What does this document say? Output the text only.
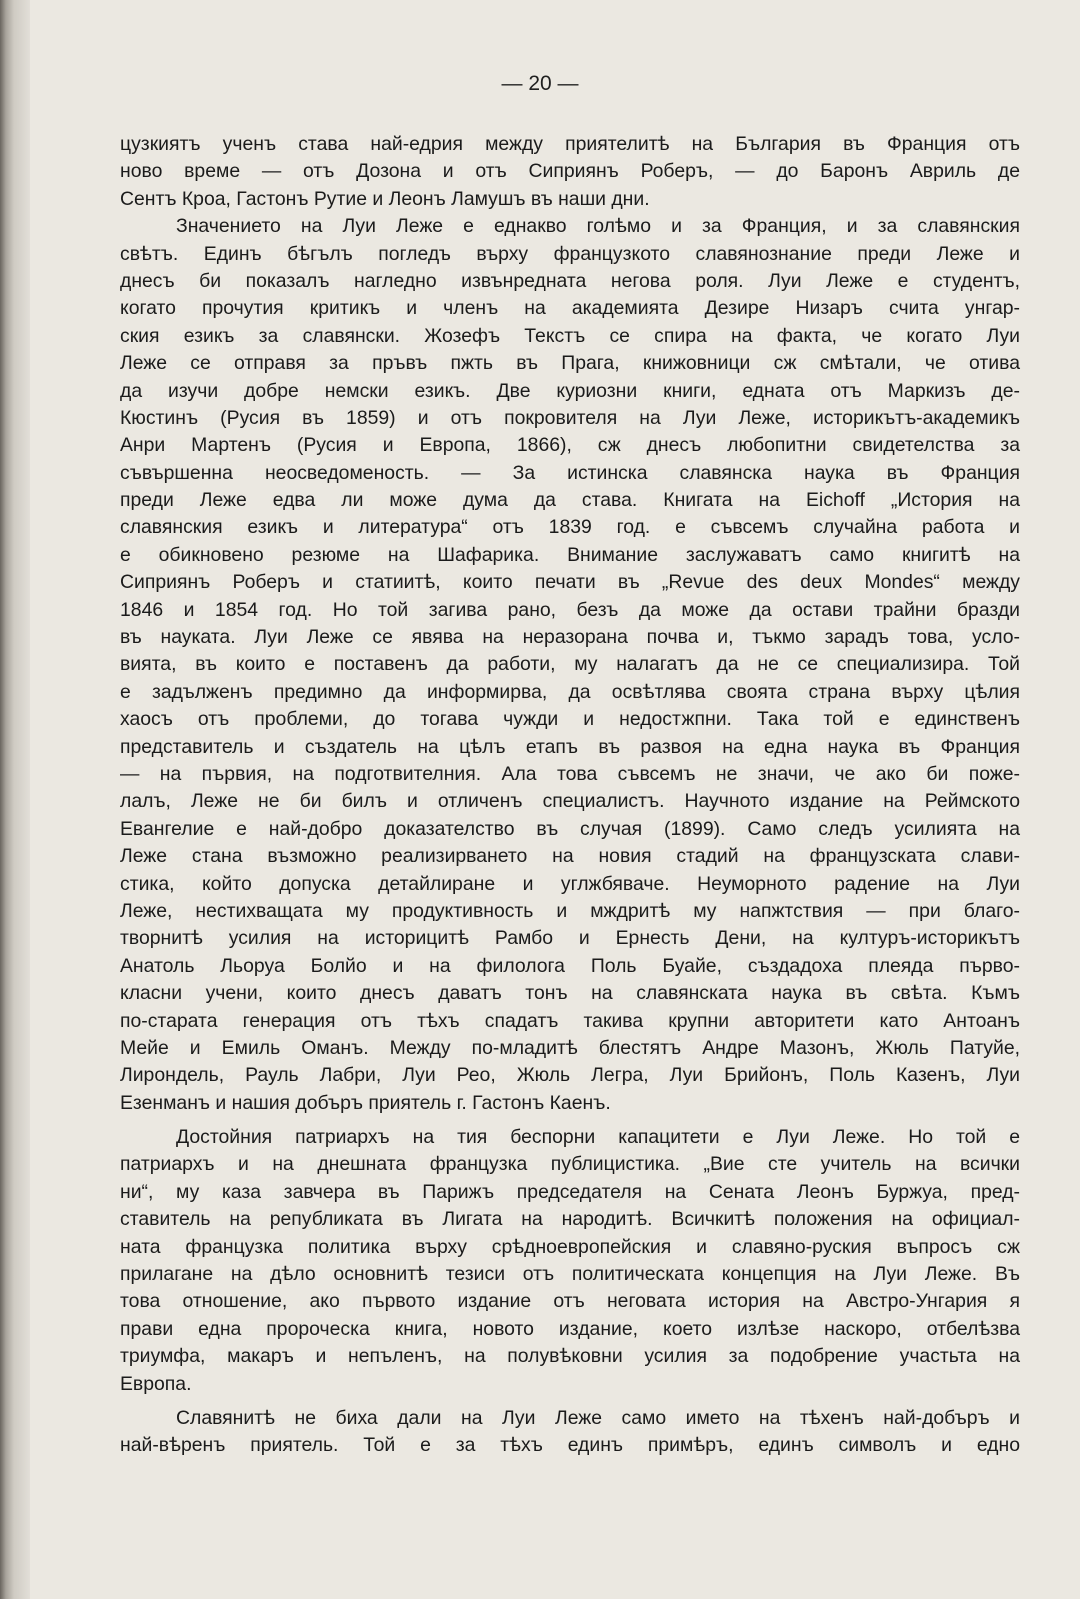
— 20 —
цузкиятъ ученъ става най-едрия между приятелитѣ на България въ Франция отъ
ново време — отъ Дозона и отъ Сиприянъ Роберъ, — до Баронъ Авриль де
Сентъ Кроа, Гастонъ Рутие и Леонъ Ламушъ въ наши дни.
Значението на Луи Леже е еднакво голѣмо и за Франция, и за славянския
свѣтъ. Единъ бѣгълъ погледъ върху французкото славянознание преди Леже и
днесъ би показалъ нагледно извънредната негова роля. Луи Леже е студентъ,
когато прочутия критикъ и членъ на академията Дезире Низаръ счита унгар-
ския езикъ за славянски. Жозефъ Текстъ се спира на факта, че когато Луи
Леже се отправя за пръвъ пжть въ Прага, книжовници сж смѣтали, че отива
да изучи добре немски езикъ. Две куриозни книги, едната отъ Маркизъ де-
Кюстинъ (Русия въ 1859) и отъ покровителя на Луи Леже, историкътъ-академикъ
Анри Мартенъ (Русия и Европа, 1866), сж днесъ любопитни свидетелства за
съвършенна неосведоменость. — За истинска славянска наука въ Франция
преди Леже едва ли може дума да става. Книгата на Eichoff „История на
славянския езикъ и литература“ отъ 1839 год. е съвсемъ случайна работа и
е обикновено резюме на Шафарика. Внимание заслужаватъ само книгитѣ на
Сиприянъ Роберъ и статиитѣ, които печати въ „Revue des deux Mondes“ между
1846 и 1854 год. Но той загива рано, безъ да може да остави трайни бразди
въ науката. Луи Леже се явява на неразорана почва и, тъкмо зарадъ това, усло-
вията, въ които е поставенъ да работи, му налагатъ да не се специализира. Той
е задълженъ предимно да информирва, да освѣтлява своята страна върху цѣлия
хаосъ отъ проблеми, до тогава чужди и недостжпни. Така той е единственъ
представитель и създатель на цѣлъ етапъ въ развоя на една наука въ Франция
— на първия, на подготвителния. Ала това съвсемъ не значи, че ако би поже-
лалъ, Леже не би билъ и отличенъ специалистъ. Научното издание на Реймското
Евангелие е най-добро доказателство въ случая (1899). Само следъ усилията на
Леже стана възможно реализирването на новия стадий на французската слави-
стика, който допуска детайлиране и углжбяваче. Неуморното радение на Луи
Леже, нестихващата му продуктивность и мждритѣ му напжтствия — при благо-
творнитѣ усилия на историцитѣ Рамбо и Ернесть Дени, на културъ-историкътъ
Анатоль Льоруа Болйо и на филолога Поль Буайе, създадоха плеяда първо-
класни учени, които днесъ даватъ тонъ на славянската наука въ свѣта. Къмъ
по-старата генерация отъ тѣхъ спадатъ такива крупни авторитети като Антоанъ
Мейе и Емиль Оманъ. Между по-младитѣ блестятъ Андре Мазонъ, Жюль Патуйе,
Лирондель, Рауль Лабри, Луи Рео, Жюль Легра, Луи Брийонъ, Поль Казенъ, Луи
Езенманъ и нашия добъръ приятель г. Гастонъ Каенъ.
Достойния патриархъ на тия беспорни капацитети е Луи Леже. Но той е
патриархъ и на днешната французка публицистика. „Вие сте учитель на всички
ни“, му каза завчера въ Парижъ председателя на Сената Леонъ Буржуа, пред-
ставитель на републиката въ Лигата на народитѣ. Всичкитѣ положения на официал-
ната французка политика върху срѣдноевропейския и славяно-руския въпросъ сж
прилагане на дѣло основнитѣ тезиси отъ политическата концепция на Луи Леже. Въ
това отношение, ако първото издание отъ неговата история на Австро-Унгария я
прави една пророческа книга, новото издание, което излѣзе наскоро, отбелѣзва
триумфа, макаръ и непъленъ, на полувѣковни усилия за подобрение участьта на
Европа.
Славянитѣ не биха дали на Луи Леже само името на тѣхенъ най-добъръ и
най-вѣренъ приятель. Той е за тѣхъ единъ примѣръ, единъ символъ и едно
